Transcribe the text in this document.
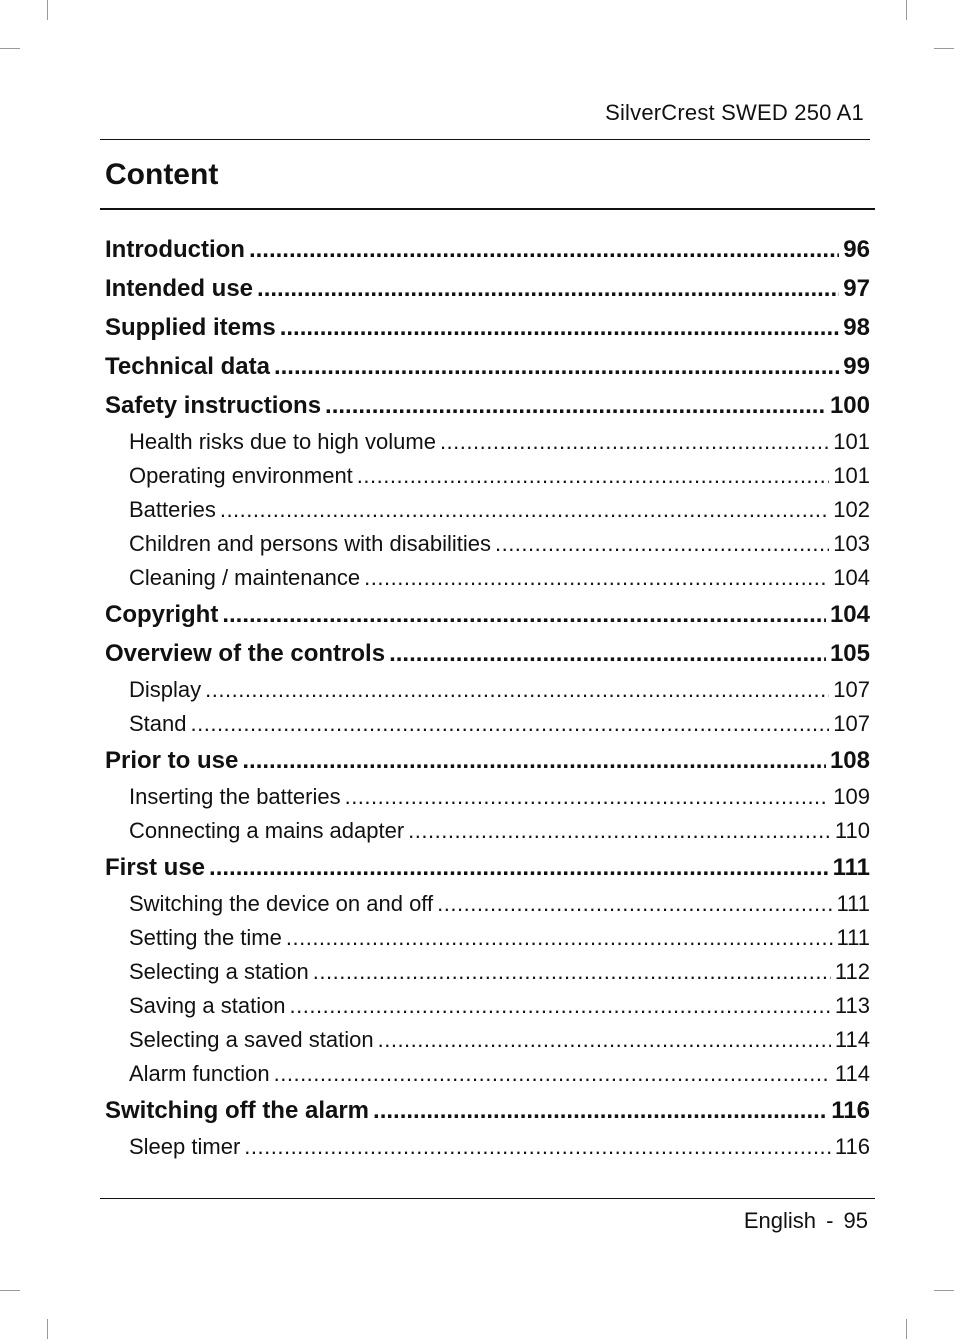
SilverCrest SWED 250 A1
Content
Introduction .....	96
Intended use .....	97
Supplied items .....	98
Technical data .....	99
Safety instructions .....	100
Health risks due to high volume .....	101
Operating environment .....	101
Batteries .....	102
Children and persons with disabilities .....	103
Cleaning / maintenance .....	104
Copyright .....	104
Overview of the controls .....	105
Display .....	107
Stand .....	107
Prior to use .....	108
Inserting the batteries .....	109
Connecting a mains adapter .....	110
First use .....	111
Switching the device on and off .....	111
Setting the time .....	111
Selecting a station .....	112
Saving a station .....	113
Selecting a saved station .....	114
Alarm function .....	114
Switching off the alarm .....	116
Sleep timer .....	116
English - 95
